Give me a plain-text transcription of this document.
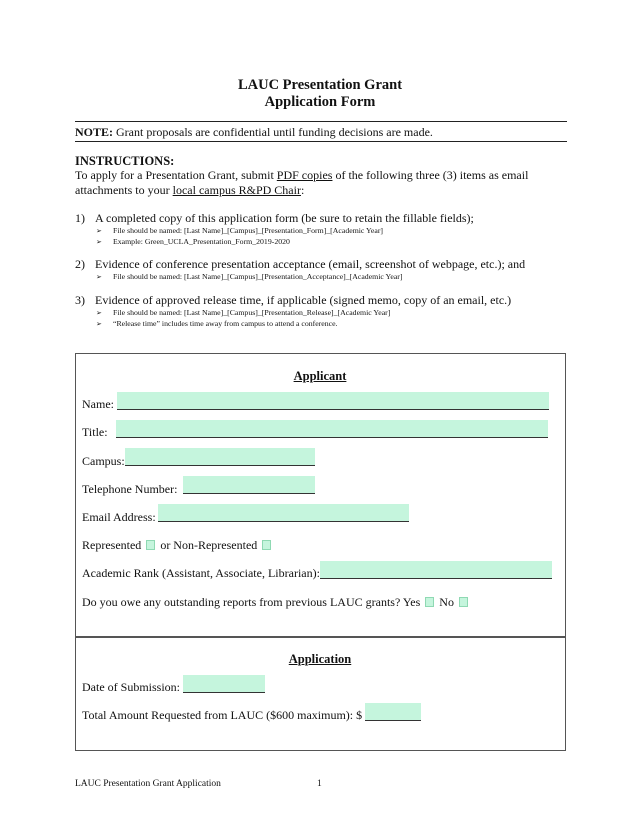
LAUC Presentation Grant
Application Form
NOTE: Grant proposals are confidential until funding decisions are made.
INSTRUCTIONS:
To apply for a Presentation Grant, submit PDF copies of the following three (3) items as email attachments to your local campus R&PD Chair:
1) A completed copy of this application form (be sure to retain the fillable fields);
➢ File should be named: [Last Name]_[Campus]_[Presentation_Form]_[Academic Year]
➢ Example: Green_UCLA_Presentation_Form_2019-2020
2) Evidence of conference presentation acceptance (email, screenshot of webpage, etc.); and
➢ File should be named: [Last Name]_[Campus]_[Presentation_Acceptance]_[Academic Year]
3) Evidence of approved release time, if applicable (signed memo, copy of an email, etc.)
➢ File should be named: [Last Name]_[Campus]_[Presentation_Release]_[Academic Year]
➢ “Release time” includes time away from campus to attend a conference.
Applicant
Name:
Title:
Campus:
Telephone Number:
Email Address:
Represented or Non-Represented
Academic Rank (Assistant, Associate, Librarian):
Do you owe any outstanding reports from previous LAUC grants? Yes No
Application
Date of Submission:
Total Amount Requested from LAUC ($600 maximum): $
LAUC Presentation Grant Application	1
